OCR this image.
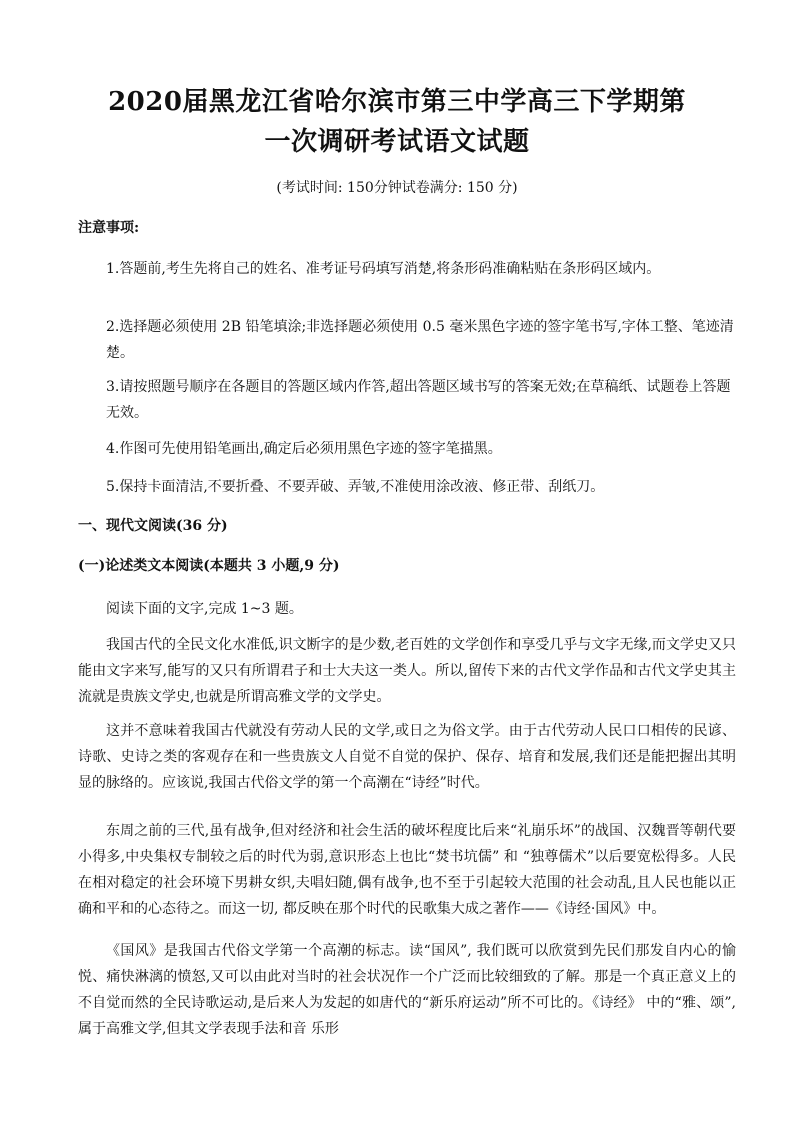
2020届黑龙江省哈尔滨市第三中学高三下学期第
一次调研考试语文试题
(考试时间: 150分钟试卷满分: 150 分)
注意事项:
1.答题前,考生先将自己的姓名、准考证号码填写消楚,将条形码准确粘贴在条形码区域内。
2.选择题必须使用 2B 铅笔填涂;非选择题必须使用 0.5 毫米黑色字迹的签字笔书写,字体工整、笔迹清楚。
3.请按照题号顺序在各题目的答题区域内作答,超出答题区域书写的答案无效;在草稿纸、试题卷上答题无效。
4.作图可先使用铅笔画出,确定后必须用黑色字迹的签字笔描黑。
5.保持卡面清洁,不要折叠、不要弄破、弄皱,不准使用涂改液、修正带、刮纸刀。
一、现代文阅读(36 分)
(一)论述类文本阅读(本题共 3 小题,9 分)
阅读下面的文字,完成 1~3 题。

我国古代的全民文化水准低,识文断字的是少数,老百姓的文学创作和享受几乎与文字无缘,而文学史又只能由文字来写,能写的又只有所谓君子和士大夫这一类人。所以,留传下来的古代文学作品和古代文学史其主流就是贵族文学史,也就是所谓高雅文学的文学史。

这并不意味着我国古代就没有劳动人民的文学,或日之为俗文学。由于古代劳动人民口口相传的民谚、诗歌、史诗之类的客观存在和一些贵族文人自觉不自觉的保护、保存、培育和发展,我们还是能把握出其明显的脉络的。应该说,我国古代俗文学的第一个高潮在“诗经”时代。

东周之前的三代,虽有战争,但对经济和社会生活的破坏程度比后来“礼崩乐坏”的战国、汉魏晋等朝代要小得多,中央集权专制较之后的时代为弱,意识形态上也比“焚书坑儒” 和 “独尊儒术”以后要宽松得多。人民在相对稳定的社会环境下男耕女织,夫唱妇随,偶有战争,也不至于引起较大范围的社会动乱,且人民也能以正确和平和的心态待之。而这一切, 都反映在那个时代的民歌集大成之著作——《诗经·国风》中。

《国风》是我国古代俗文学第一个高潮的标志。读“国风”, 我们既可以欣赏到先民们那发自内心的愉悦、痛快淋漓的愤怒,又可以由此对当时的社会状况作一个广泛而比较细致的了解。那是一个真正意义上的不自觉而然的全民诗歌运动,是后来人为发起的如唐代的“新乐府运动”所不可比的。《诗经》 中的“雅、颂”, 属于高雅文学,但其文学表现手法和音 乐形
